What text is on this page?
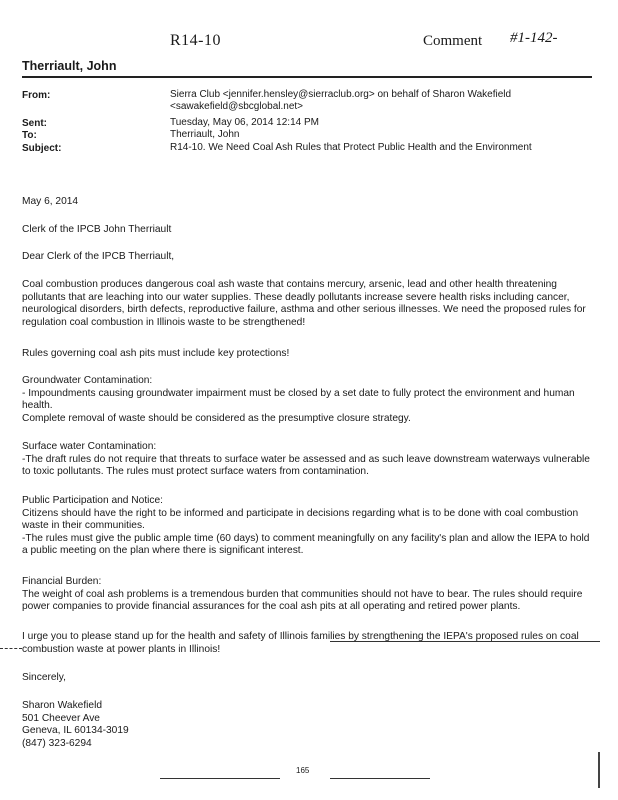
R14-10	Comment #1-142-
Therriault, John
From:	Sierra Club <jennifer.hensley@sierraclub.org> on behalf of Sharon Wakefield <sawakefield@sbcglobal.net>
Sent:	Tuesday, May 06, 2014 12:14 PM
To:	Therriault, John
Subject:	R14-10. We Need Coal Ash Rules that Protect Public Health and the Environment
May 6, 2014
Clerk of the IPCB John Therriault
Dear Clerk of the IPCB Therriault,
Coal combustion produces dangerous coal ash waste that contains mercury, arsenic, lead and other health threatening pollutants that are leaching into our water supplies. These deadly pollutants increase severe health risks including cancer, neurological disorders, birth defects, reproductive failure, asthma and other serious illnesses. We need the proposed rules for regulation coal combustion in Illinois waste to be strengthened!
Rules governing coal ash pits must include key protections!

Groundwater Contamination:

- Impoundments causing groundwater impairment must be closed by a set date to fully protect the environment and human health.

Complete removal of waste should be considered as the presumptive closure strategy.

Surface water Contamination:

-The draft rules do not require that threats to surface water be assessed and as such leave downstream waterways vulnerable to toxic pollutants. The rules must protect surface waters from contamination.

Public Participation and Notice:

Citizens should have the right to be informed and participate in decisions regarding what is to be done with coal combustion waste in their communities.

-The rules must give the public ample time (60 days) to comment meaningfully on any facility's plan and allow the IEPA to hold a public meeting on the plan where there is significant interest.

Financial Burden:

The weight of coal ash problems is a tremendous burden that communities should not have to bear. The rules should require power companies to provide financial assurances for the coal ash pits at all operating and retired power plants.

I urge you to please stand up for the health and safety of Illinois families by strengthening the IEPA's proposed rules on coal combustion waste at power plants in Illinois!
Sincerely,

Sharon Wakefield

501 Cheever Ave

Geneva, IL 60134-3019

(847) 323-6294

165
